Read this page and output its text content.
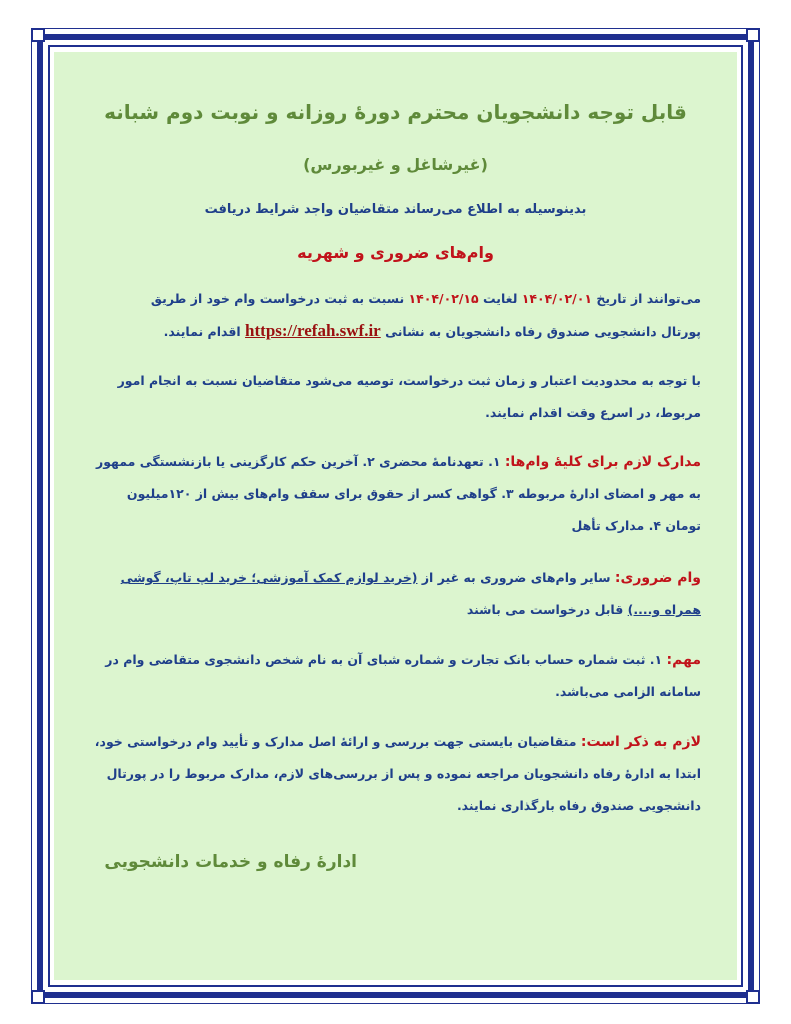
قابل توجه دانشجویان محترم دورهٔ روزانه و نوبت دوم شبانه
(غیرشاغل و غیربورس)
بدینوسیله به اطلاع می‌رساند متقاضیان واجد شرایط دریافت
وام‌های ضروری و شهریه
می‌توانند از تاریخ ۱۴۰۴/۰۲/۰۱ لغایت ۱۴۰۴/۰۲/۱۵ نسبت به ثبت درخواست وام خود از طریق
پورتال دانشجویی صندوق رفاه دانشجویان به نشانی https://refah.swf.ir اقدام نمایند.
با توجه به محدودیت اعتبار و زمان ثبت درخواست، توصیه می‌شود متقاضیان نسبت به انجام امور مربوط، در اسرع وقت اقدام نمایند.
مدارک لازم برای کلیهٔ وام‌ها: ۱. تعهدنامهٔ محضری ۲. آخرین حکم کارگزینی یا بازنشستگی ممهور به مهر و امضای ادارهٔ مربوطه ۳. گواهی کسر از حقوق برای سقف وام‌های بیش از ۱۲۰میلیون تومان ۴. مدارک تأهل
وام ضروری: سایر وام‌های ضروری به غیر از (خرید لوازم کمک آموزشی؛ خرید لپ تاپ، گوشی همراه و....) قابل درخواست می باشند
مهم: ۱. ثبت شماره حساب بانک تجارت و شماره شبای آن به نام شخص دانشجوی متقاضی وام در سامانه الزامی می‌باشد.
لازم به ذکر است: متقاضیان بایستی جهت بررسی و ارائهٔ اصل مدارک و تأیید وام درخواستی خود، ابتدا به ادارهٔ رفاه دانشجویان مراجعه نموده و پس از بررسی‌های لازم، مدارک مربوط را در پورتال دانشجویی صندوق رفاه بارگذاری نمایند.
ادارهٔ رفاه و خدمات دانشجویی
